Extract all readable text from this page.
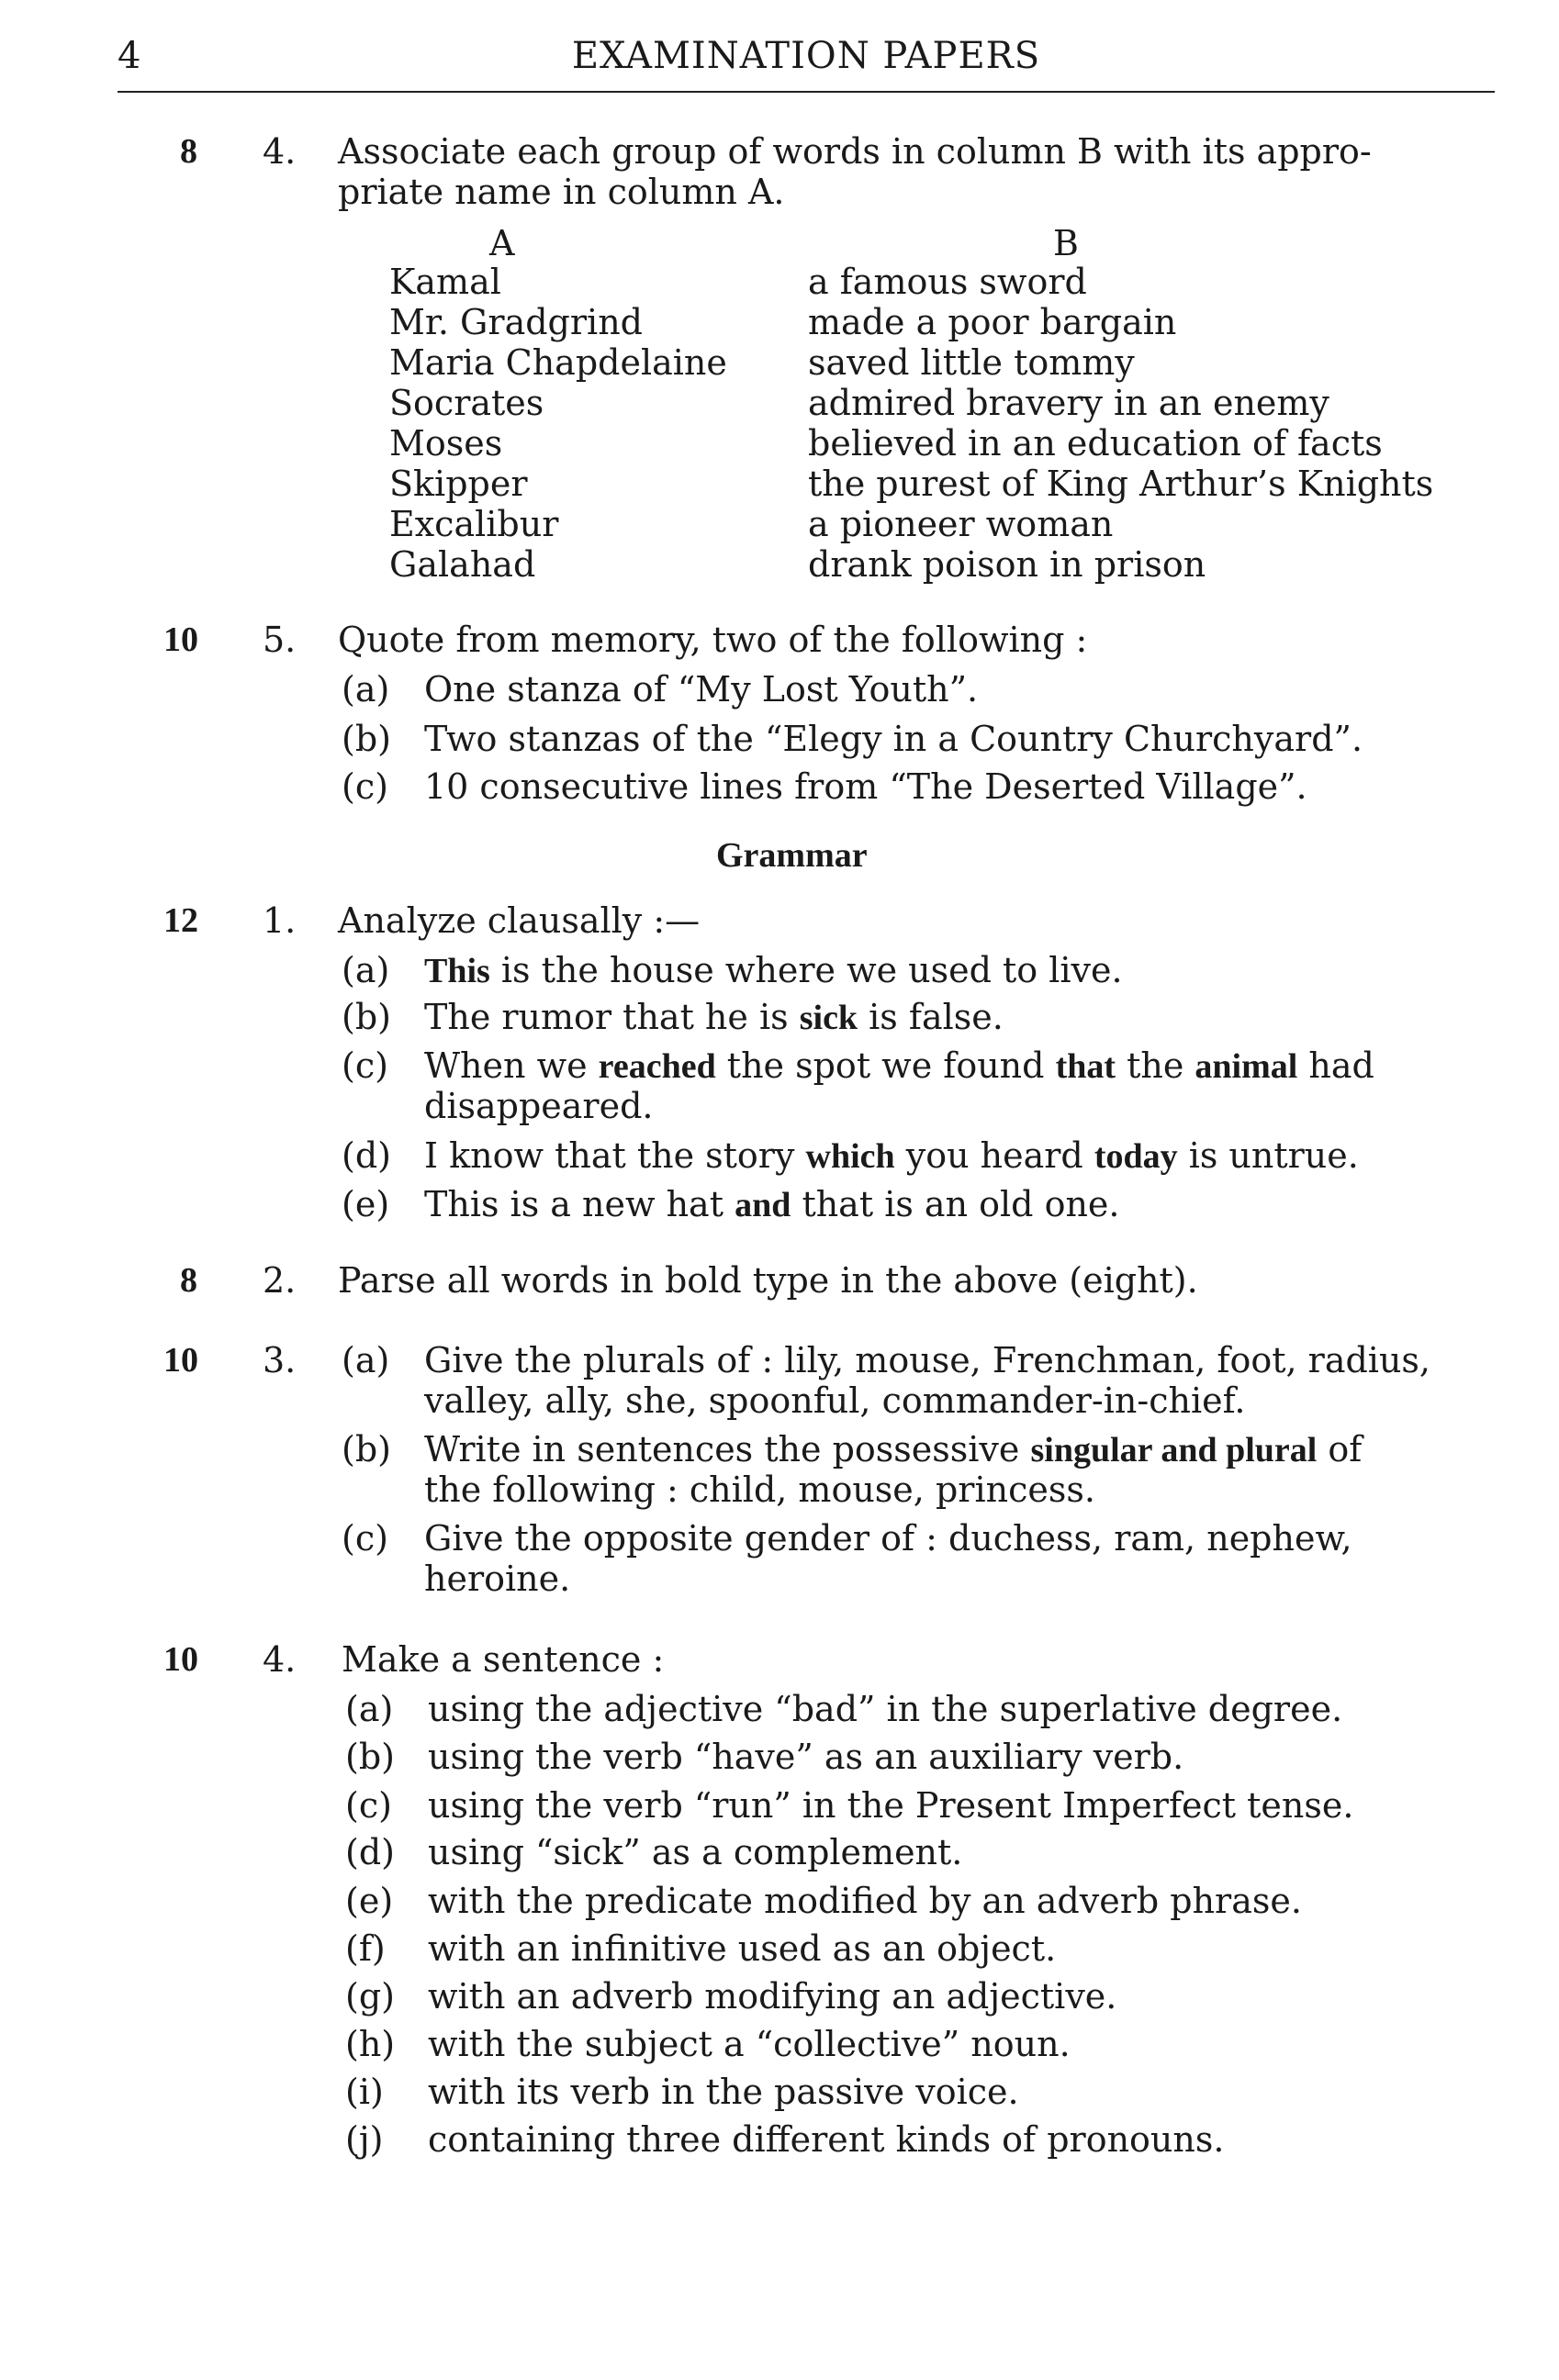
4	EXAMINATION PAPERS
8 4. Associate each group of words in column B with its appro-
priate name in column A.
A	B
Kamal
Mr. Gradgrind
Maria Chapdelaine
Socrates
Moses
Skipper
Excalibur
Galahad
a famous sword
made a poor bargain
saved little tommy
admired bravery in an enemy
believed in an education of facts
the purest of King Arthur’s Knights
a pioneer woman
drank poison in prison
10 5. Quote from memory, two of the following :
(a) One stanza of “My Lost Youth”.
(b) Two stanzas of the “Elegy in a Country Churchyard”.
(c) 10 consecutive lines from “The Deserted Village”.
Grammar
12 1. Analyze clausally :—
(a) This is the house where we used to live.
(b) The rumor that he is sick is false.
(c) When we reached the spot we found that the animal had
disappeared.
(d) I know that the story which you heard today is untrue.
(e) This is a new hat and that is an old one.
8 2. Parse all words in bold type in the above (eight).
10 3. (a) Give the plurals of : lily, mouse, Frenchman, foot, radius,
valley, ally, she, spoonful, commander-in-chief.
(b) Write in sentences the possessive singular and plural of
the following : child, mouse, princess.
(c) Give the opposite gender of : duchess, ram, nephew,
heroine.
10 4. Make a sentence :
(a) using the adjective “bad” in the superlative degree.
(b) using the verb “have” as an auxiliary verb.
(c) using the verb “run” in the Present Imperfect tense.
(d) using “sick” as a complement.
(e) with the predicate modified by an adverb phrase.
(f) with an infinitive used as an object.
(g) with an adverb modifying an adjective.
(h) with the subject a “collective” noun.
(i) with its verb in the passive voice.
(j) containing three different kinds of pronouns.
